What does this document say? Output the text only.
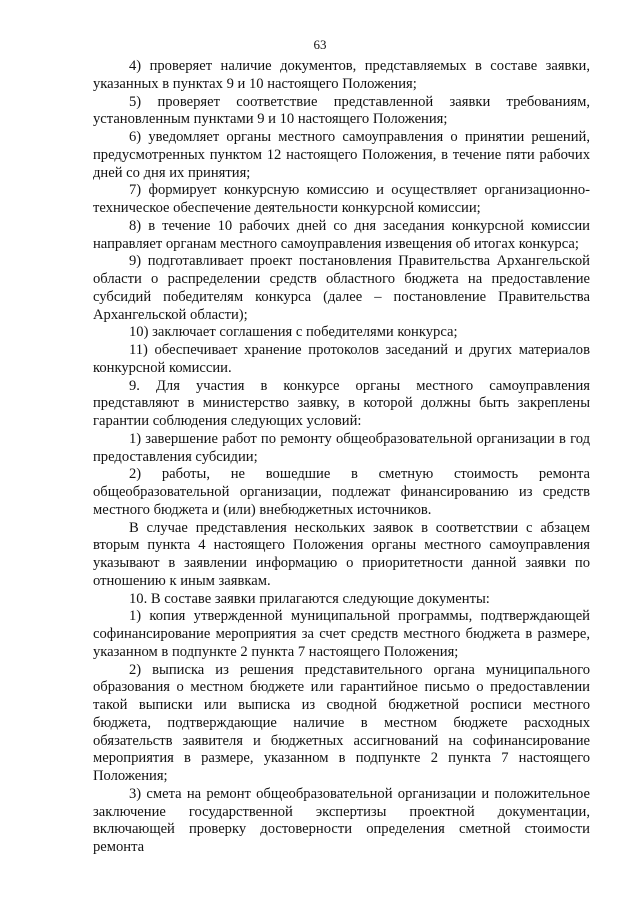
63

4) проверяет наличие документов, представляемых в составе заявки, указанных в пунктах 9 и 10 настоящего Положения;

5) проверяет соответствие представленной заявки требованиям, установленным пунктами 9 и 10 настоящего Положения;

6) уведомляет органы местного самоуправления о принятии решений, предусмотренных пунктом 12 настоящего Положения, в течение пяти рабочих дней со дня их принятия;

7) формирует конкурсную комиссию и осуществляет организационно-техническое обеспечение деятельности конкурсной комиссии;

8) в течение 10 рабочих дней со дня заседания конкурсной комиссии направляет органам местного самоуправления извещения об итогах конкурса;

9) подготавливает проект постановления Правительства Архангельской области о распределении средств областного бюджета на предоставление субсидий победителям конкурса (далее – постановление Правительства Архангельской области);

10) заключает соглашения с победителями конкурса;

11) обеспечивает хранение протоколов заседаний и других материалов конкурсной комиссии.

9. Для участия в конкурсе органы местного самоуправления представляют в министерство заявку, в которой должны быть закреплены гарантии соблюдения следующих условий:

1) завершение работ по ремонту общеобразовательной организации в год предоставления субсидии;

2) работы, не вошедшие в сметную стоимость ремонта общеобразовательной организации, подлежат финансированию из средств местного бюджета и (или) внебюджетных источников.

В случае представления нескольких заявок в соответствии с абзацем вторым пункта 4 настоящего Положения органы местного самоуправления указывают в заявлении информацию о приоритетности данной заявки по отношению к иным заявкам.

10. В составе заявки прилагаются следующие документы:

1) копия утвержденной муниципальной программы, подтверждающей софинансирование мероприятия за счет средств местного бюджета в размере, указанном в подпункте 2 пункта 7 настоящего Положения;

2) выписка из решения представительного органа муниципального образования о местном бюджете или гарантийное письмо о предоставлении такой выписки или выписка из сводной бюджетной росписи местного бюджета, подтверждающие наличие в местном бюджете расходных обязательств заявителя и бюджетных ассигнований на софинансирование мероприятия в размере, указанном в подпункте 2 пункта 7 настоящего Положения;

3) смета на ремонт общеобразовательной организации и положительное заключение государственной экспертизы проектной документации, включающей проверку достоверности определения сметной стоимости ремонта
